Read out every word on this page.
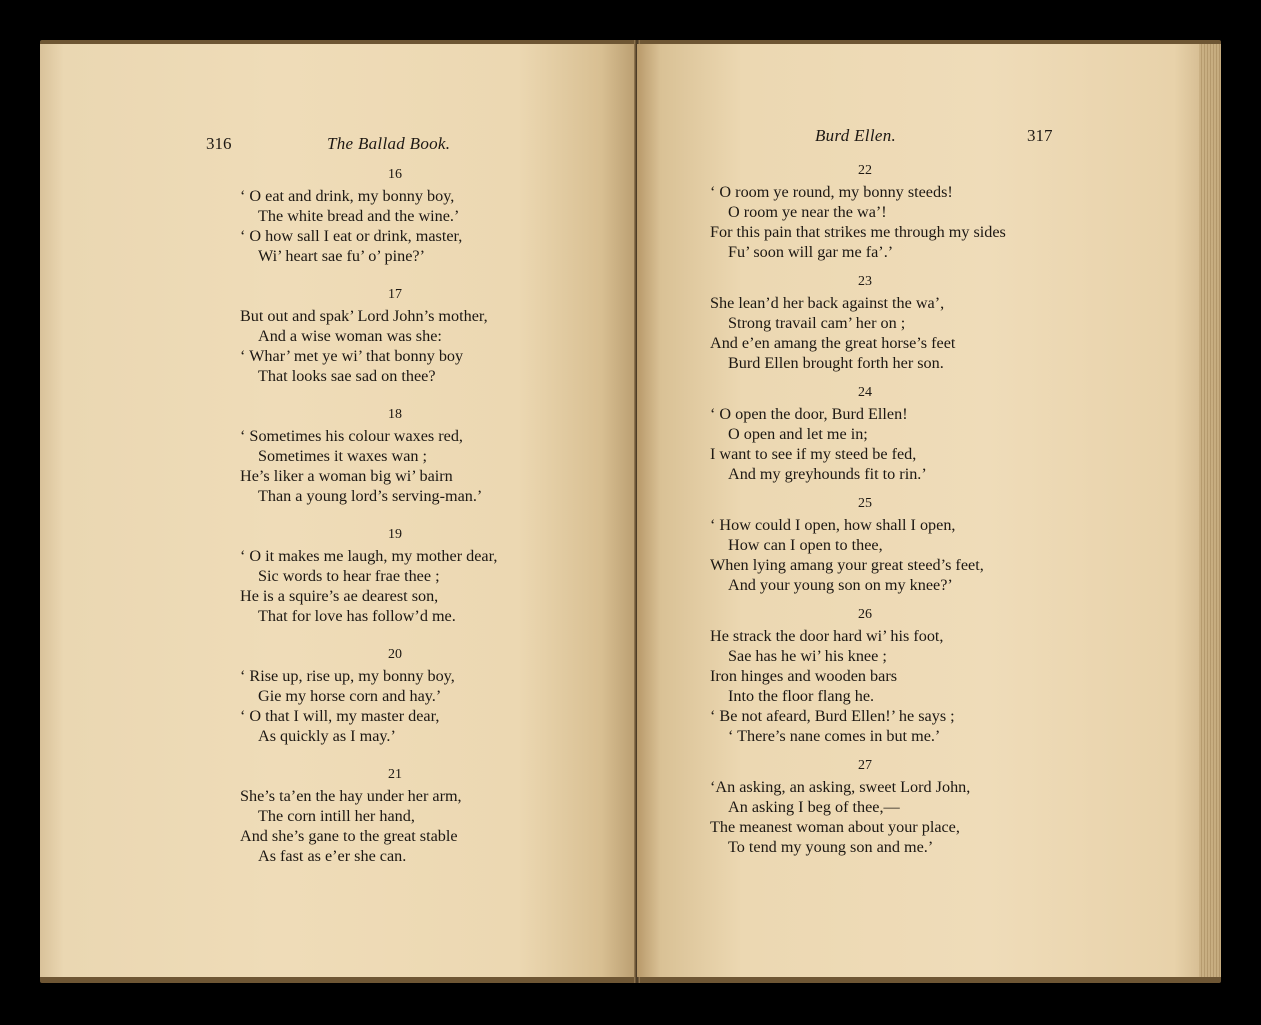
316	The Ballad Book.
16
‘ O eat and drink, my bonny boy,
The white bread and the wine.’
‘ O how sall I eat or drink, master,
Wi’ heart sae fu’ o’ pine?’
17
But out and spak’ Lord John’s mother,
And a wise woman was she:
‘ Whar’ met ye wi’ that bonny boy
That looks sae sad on thee?
18
‘ Sometimes his colour waxes red,
Sometimes it waxes wan ;
He’s liker a woman big wi’ bairn
Than a young lord’s serving-man.’
19
‘ O it makes me laugh, my mother dear,
Sic words to hear frae thee ;
He is a squire’s ae dearest son,
That for love has follow’d me.
20
‘ Rise up, rise up, my bonny boy,
Gie my horse corn and hay.’
‘ O that I will, my master dear,
As quickly as I may.’
21
She’s ta’en the hay under her arm,
The corn intill her hand,
And she’s gane to the great stable
As fast as e’er she can.
Burd Ellen.	317
22
‘ O room ye round, my bonny steeds!
O room ye near the wa’!
For this pain that strikes me through my sides
Fu’ soon will gar me fa’.’
23
She lean’d her back against the wa’,
Strong travail cam’ her on ;
And e’en amang the great horse’s feet
Burd Ellen brought forth her son.
24
‘ O open the door, Burd Ellen!
O open and let me in;
I want to see if my steed be fed,
And my greyhounds fit to rin.’
25
‘ How could I open, how shall I open,
How can I open to thee,
When lying amang your great steed’s feet,
And your young son on my knee?’
26
He strack the door hard wi’ his foot,
Sae has he wi’ his knee ;
Iron hinges and wooden bars
Into the floor flang he.
‘ Be not afeard, Burd Ellen!’ he says ;
‘ There’s nane comes in but me.’
27
‘An asking, an asking, sweet Lord John,
An asking I beg of thee,—
The meanest woman about your place,
To tend my young son and me.’
